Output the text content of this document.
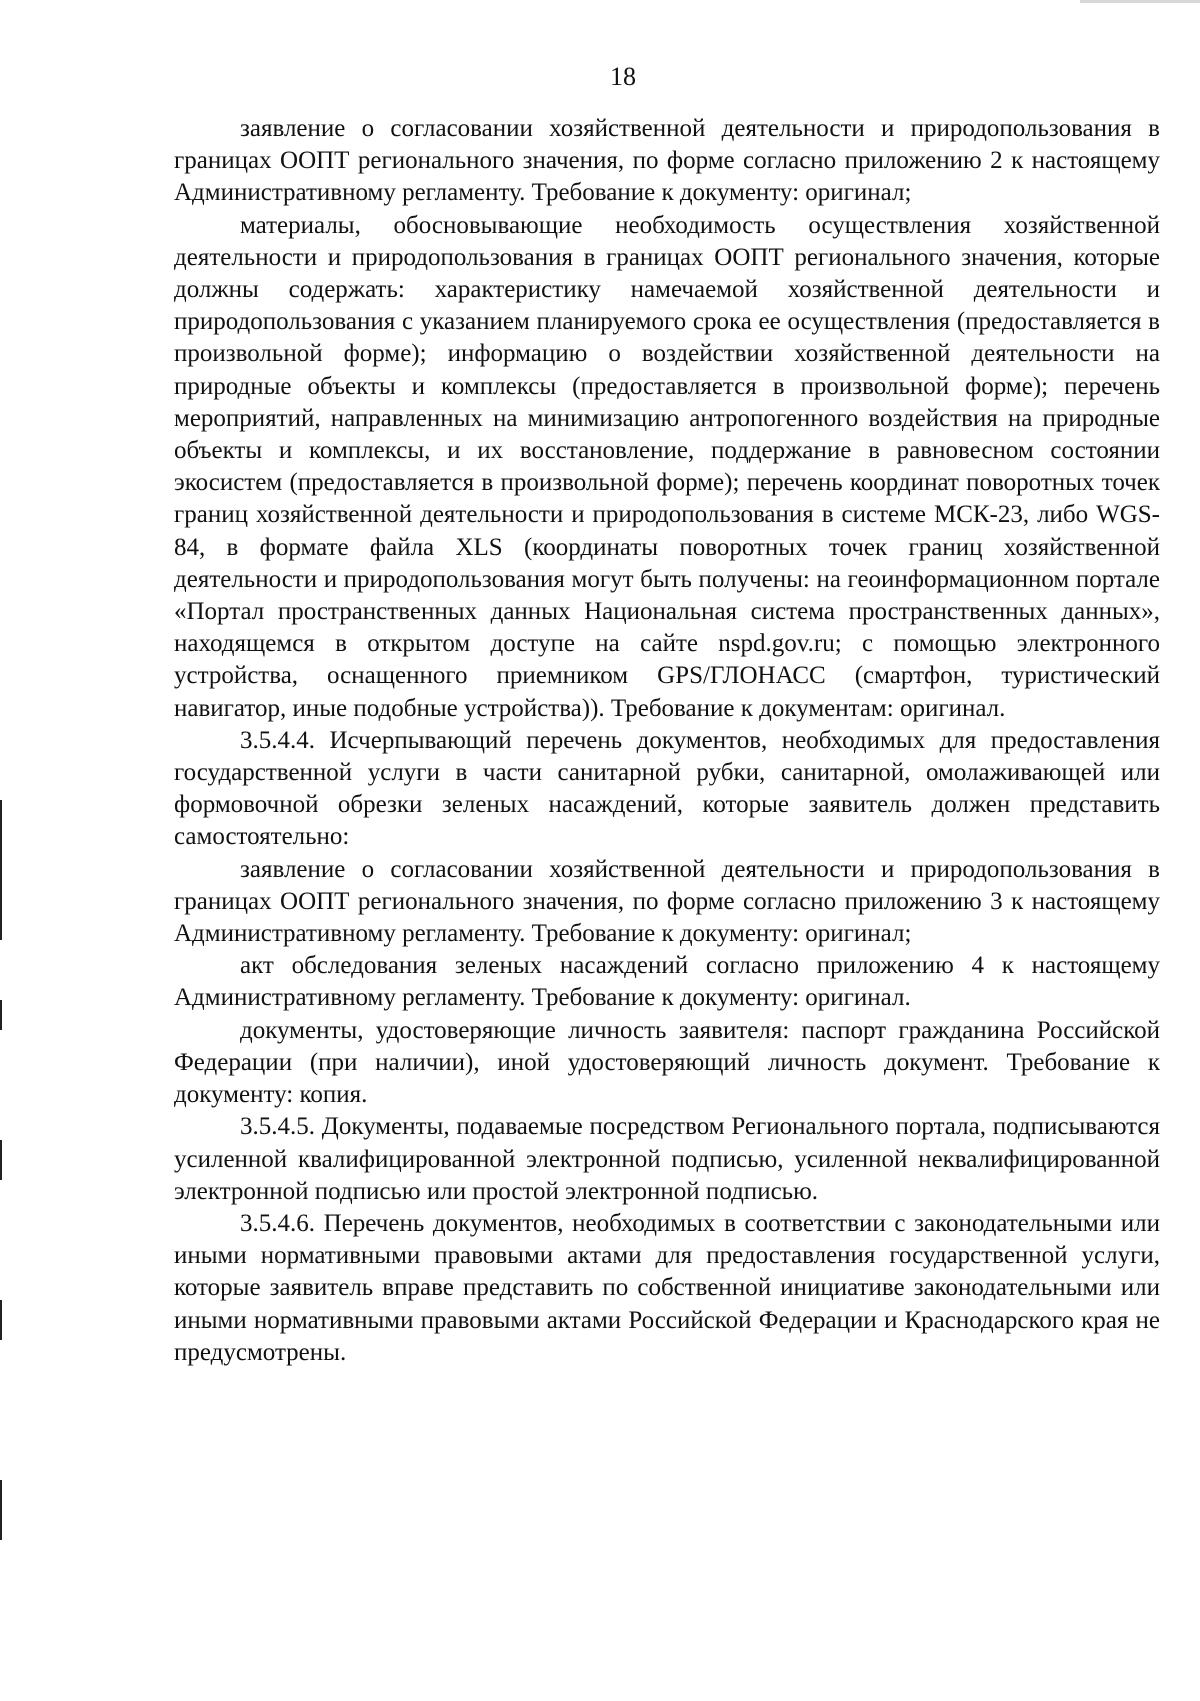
18

заявление о согласовании хозяйственной деятельности и природопользования в границах ООПТ регионального значения, по форме согласно приложению 2 к настоящему Административному регламенту. Требование к документу: оригинал;

материалы, обосновывающие необходимость осуществления хозяйственной деятельности и природопользования в границах ООПТ регионального значения, которые должны содержать: характеристику намечаемой хозяйственной деятельности и природопользования с указанием планируемого срока ее осуществления (предоставляется в произвольной форме); информацию о воздействии хозяйственной деятельности на природные объекты и комплексы (предоставляется в произвольной форме); перечень мероприятий, направленных на минимизацию антропогенного воздействия на природные объекты и комплексы, и их восстановление, поддержание в равновесном состоянии экосистем (предоставляется в произвольной форме); перечень координат поворотных точек границ хозяйственной деятельности и природопользования в системе МСК-23, либо WGS-84, в формате файла XLS (координаты поворотных точек границ хозяйственной деятельности и природопользования могут быть получены: на геоинформационном портале «Портал пространственных данных Национальная система пространственных данных», находящемся в открытом доступе на сайте nspd.gov.ru; с помощью электронного устройства, оснащенного приемником GPS/ГЛОНАСС (смартфон, туристический навигатор, иные подобные устройства)). Требование к документам: оригинал.

3.5.4.4. Исчерпывающий перечень документов, необходимых для предоставления государственной услуги в части санитарной рубки, санитарной, омолаживающей или формовочной обрезки зеленых насаждений, которые заявитель должен представить самостоятельно:

заявление о согласовании хозяйственной деятельности и природопользования в границах ООПТ регионального значения, по форме согласно приложению 3 к настоящему Административному регламенту. Требование к документу: оригинал;

акт обследования зеленых насаждений согласно приложению 4 к настоящему Административному регламенту. Требование к документу: оригинал.

документы, удостоверяющие личность заявителя: паспорт гражданина Российской Федерации (при наличии), иной удостоверяющий личность документ. Требование к документу: копия.

3.5.4.5. Документы, подаваемые посредством Регионального портала, подписываются усиленной квалифицированной электронной подписью, усиленной неквалифицированной электронной подписью или простой электронной подписью.

3.5.4.6. Перечень документов, необходимых в соответствии с законодательными или иными нормативными правовыми актами для предоставления государственной услуги, которые заявитель вправе представить по собственной инициативе законодательными или иными нормативными правовыми актами Российской Федерации и Краснодарского края не предусмотрены.
